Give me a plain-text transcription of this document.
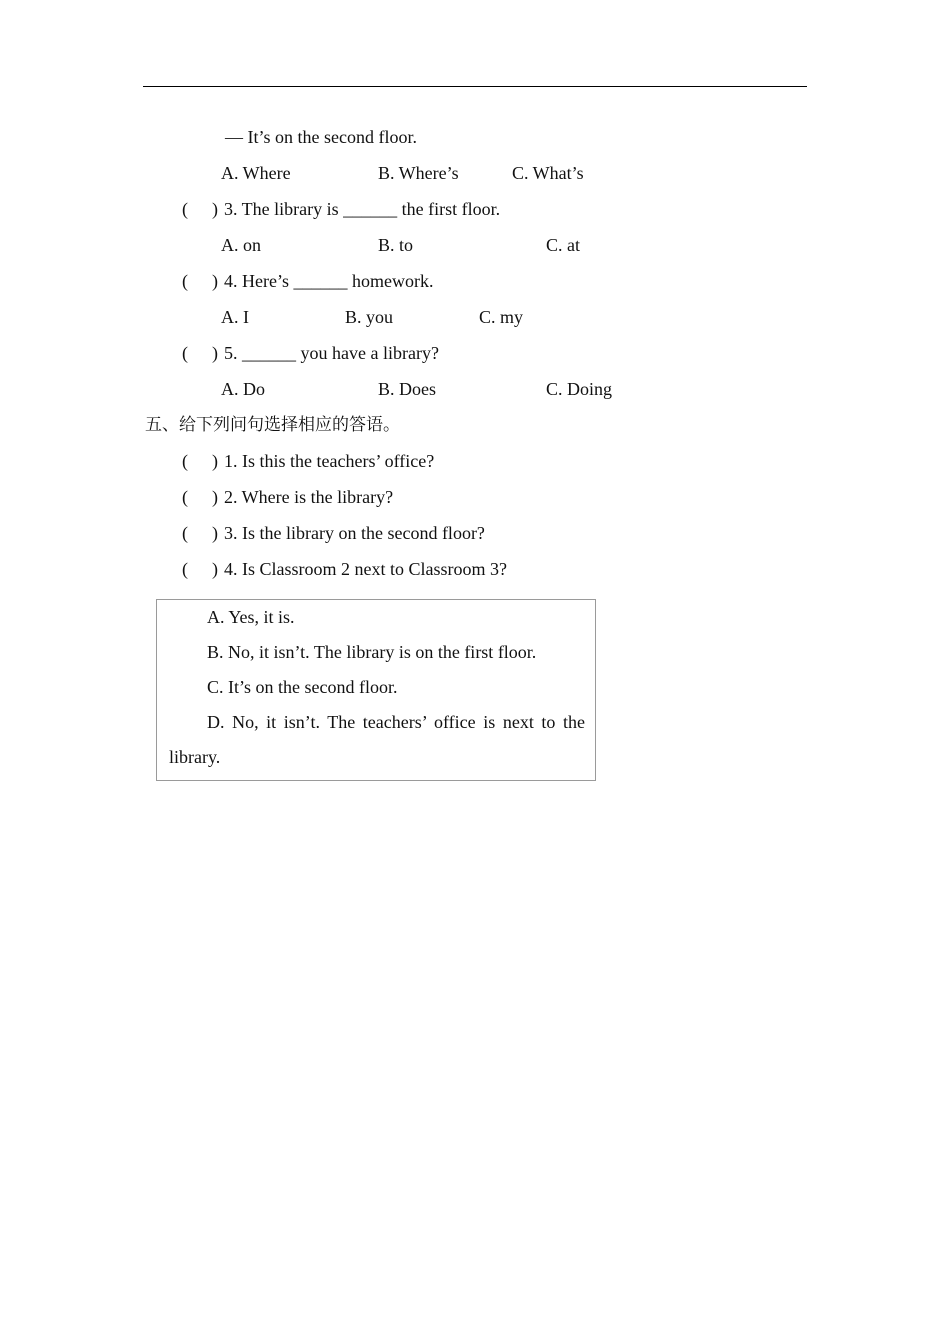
— It’s on the second floor.
A. Where	B. Where’s	C. What’s
( ) 3. The library is ______ the first floor.
A. on	B. to	C. at
( ) 4. Here’s ______ homework.
A. I	B. you	C. my
( ) 5. ______ you have a library?
A. Do	B. Does	C. Doing
五、给下列问句选择相应的答语。
( ) 1. Is this the teachers’ office?
( ) 2. Where is the library?
( ) 3. Is the library on the second floor?
( ) 4. Is Classroom 2 next to Classroom 3?
A. Yes, it is.
B. No, it isn’t. The library is on the first floor.
C. It’s on the second floor.
D. No, it isn’t. The teachers’ office is next to the
library.
